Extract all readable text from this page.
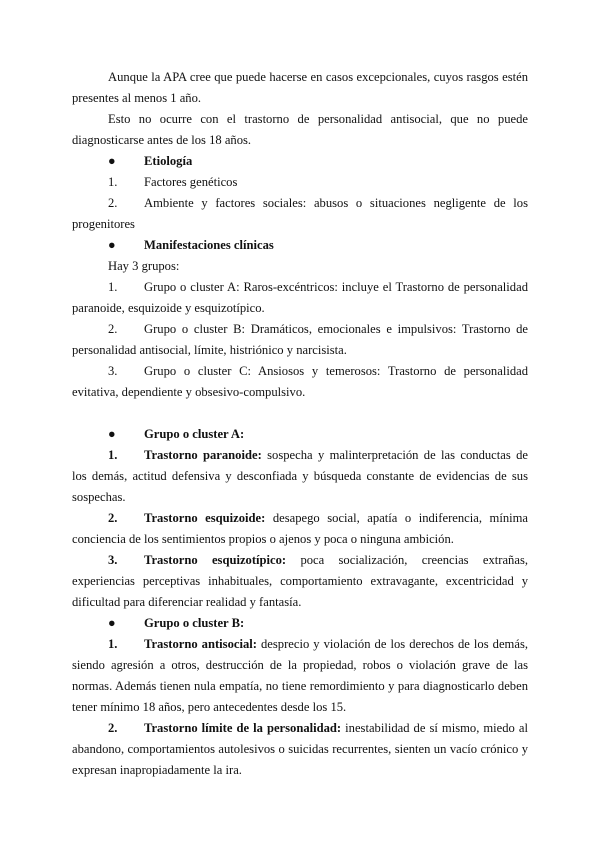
Aunque la APA cree que puede hacerse en casos excepcionales, cuyos rasgos estén presentes al menos 1 año.

Esto no ocurre con el trastorno de personalidad antisocial, que no puede diagnosticarse antes de los 18 años.

● Etiología

1. Factores genéticos

2. Ambiente y factores sociales: abusos o situaciones negligente de los progenitores

● Manifestaciones clínicas

Hay 3 grupos:

1. Grupo o cluster A: Raros-excéntricos: incluye el Trastorno de personalidad paranoide, esquizoide y esquizotípico.

2. Grupo o cluster B: Dramáticos, emocionales e impulsivos: Trastorno de personalidad antisocial, límite, histriónico y narcisista.

3. Grupo o cluster C: Ansiosos y temerosos: Trastorno de personalidad evitativa, dependiente y obsesivo-compulsivo.

● Grupo o cluster A:

1. Trastorno paranoide: sospecha y malinterpretación de las conductas de los demás, actitud defensiva y desconfiada y búsqueda constante de evidencias de sus sospechas.

2. Trastorno esquizoide: desapego social, apatía o indiferencia, mínima conciencia de los sentimientos propios o ajenos y poca o ninguna ambición.

3. Trastorno esquizotípico: poca socialización, creencias extrañas, experiencias perceptivas inhabituales, comportamiento extravagante, excentricidad y dificultad para diferenciar realidad y fantasía.

● Grupo o cluster B:

1. Trastorno antisocial: desprecio y violación de los derechos de los demás, siendo agresión a otros, destrucción de la propiedad, robos o violación grave de las normas. Además tienen nula empatía, no tiene remordimiento y para diagnosticarlo deben tener mínimo 18 años, pero antecedentes desde los 15.

2. Trastorno límite de la personalidad: inestabilidad de sí mismo, miedo al abandono, comportamientos autolesivos o suicidas recurrentes, sienten un vacío crónico y expresan inapropiadamente la ira.
